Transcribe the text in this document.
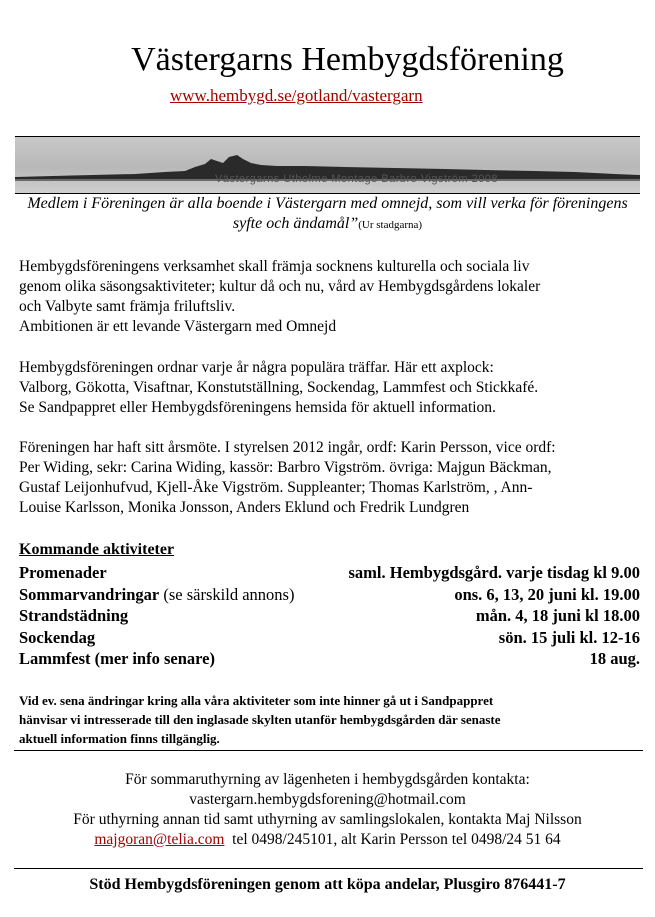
Västergarns Hembygdsförening
www.hembygd.se/gotland/vastergarn
Västergarns Utholme Montage Barbro Vigström 2008
Medlem i Föreningen är alla boende i Västergarn med omnejd, som vill verka för föreningens syfte och ändamål”(Ur stadgarna)
Hembygdsföreningens verksamhet skall främja socknens kulturella och sociala liv
genom olika säsongsaktiviteter; kultur då och nu, vård av Hembygdsgårdens lokaler
och Valbyte samt främja friluftsliv.
Ambitionen är ett levande Västergarn med Omnejd
Hembygdsföreningen ordnar varje år några populära träffar. Här ett axplock:
Valborg, Gökotta, Visaftnar, Konstutställning, Sockendag, Lammfest och Stickkafé.
Se Sandpappret eller Hembygdsföreningens hemsida för aktuell information.
Föreningen har haft sitt årsmöte. I styrelsen 2012 ingår, ordf: Karin Persson, vice ordf:
Per Widing, sekr: Carina Widing, kassör: Barbro Vigström. övriga: Majgun Bäckman,
Gustaf Leijonhufvud, Kjell-Åke Vigström. Suppleanter; Thomas Karlström, , Ann-
Louise Karlsson, Monika Jonsson, Anders Eklund och Fredrik Lundgren
Kommande aktiviteter
Promenader	saml. Hembygdsgård. varje tisdag kl 9.00
Sommarvandringar (se särskild annons)	ons. 6, 13, 20 juni kl. 19.00
Strandstädning	mån. 4, 18 juni kl 18.00
Sockendag	sön. 15 juli kl. 12-16
Lammfest (mer info senare)	18 aug.
Vid ev. sena ändringar kring alla våra aktiviteter som inte hinner gå ut i Sandpappret
hänvisar vi intresserade till den inglasade skylten utanför hembygdsgården där senaste
aktuell information finns tillgänglig.
För sommaruthyrning av lägenheten i hembygdsgården kontakta:
vastergarn.hembygdsforening@hotmail.com
För uthyrning annan tid samt uthyrning av samlingslokalen, kontakta Maj Nilsson
majgoran@telia.com tel 0498/245101, alt Karin Persson tel 0498/24 51 64
Stöd Hembygdsföreningen genom att köpa andelar, Plusgiro 876441-7
